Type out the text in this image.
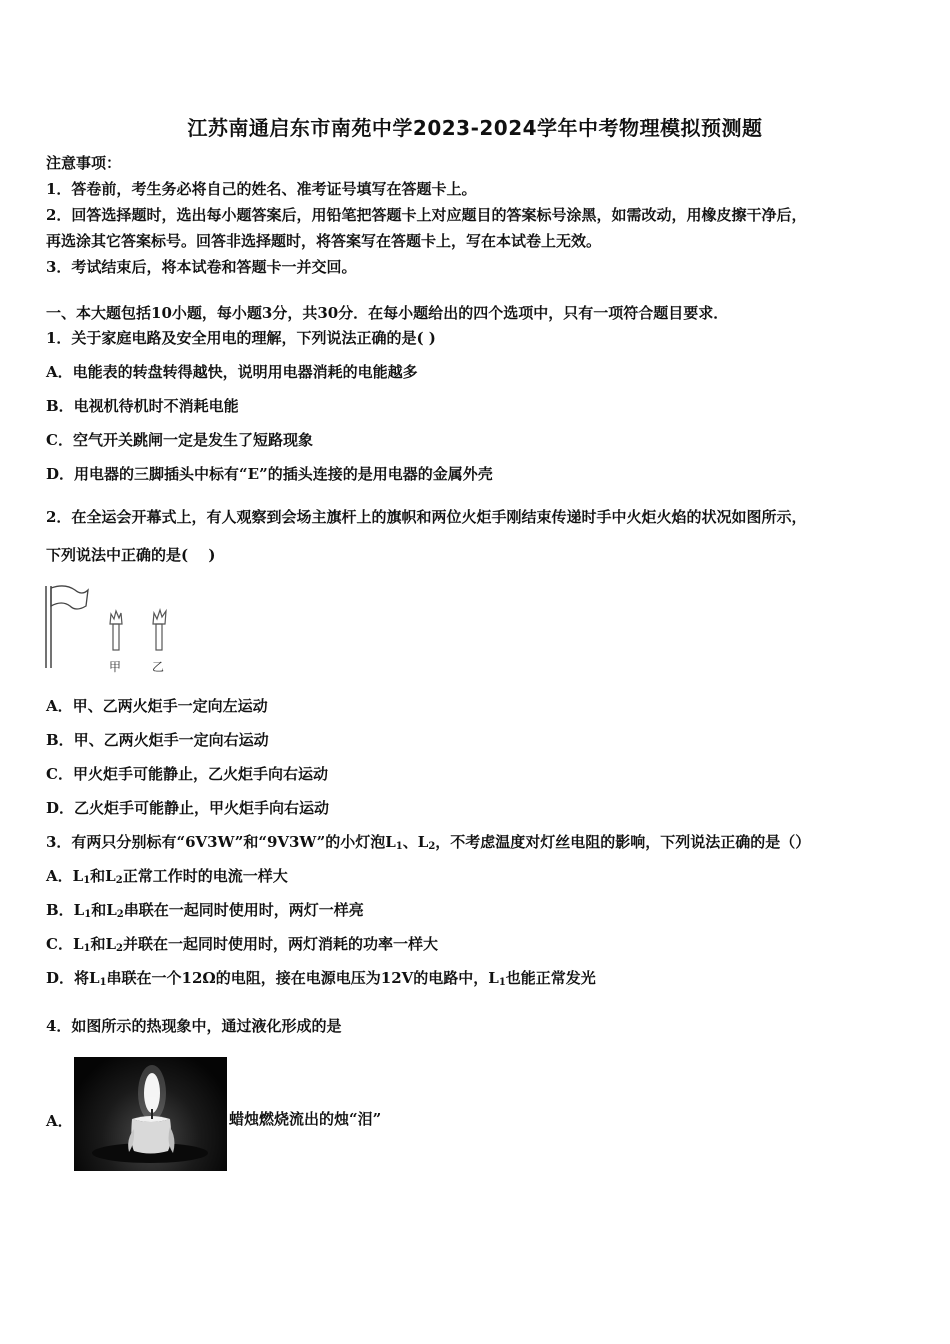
江苏南通启东市南苑中学2023-2024学年中考物理模拟预测题
注意事项：
1．答卷前，考生务必将自己的姓名、准考证号填写在答题卡上。
2．回答选择题时，选出每小题答案后，用铅笔把答题卡上对应题目的答案标号涂黑，如需改动，用橡皮擦干净后，
再选涂其它答案标号。回答非选择题时，将答案写在答题卡上，写在本试卷上无效。
3．考试结束后，将本试卷和答题卡一并交回。
一、本大题包括10小题，每小题3分，共30分．在每小题给出的四个选项中，只有一项符合题目要求．
1．关于家庭电路及安全用电的理解，下列说法正确的是( )
A．电能表的转盘转得越快，说明用电器消耗的电能越多
B．电视机待机时不消耗电能
C．空气开关跳闸一定是发生了短路现象
D．用电器的三脚插头中标有“E”的插头连接的是用电器的金属外壳
2．在全运会开幕式上，有人观察到会场主旗杆上的旗帜和两位火炬手刚结束传递时手中火炬火焰的状况如图所示，
下列说法中正确的是(　 )
甲	乙
A．甲、乙两火炬手一定向左运动
B．甲、乙两火炬手一定向右运动
C．甲火炬手可能静止，乙火炬手向右运动
D．乙火炬手可能静止，甲火炬手向右运动
3．有两只分别标有“6V3W”和“9V3W”的小灯泡$L_1$、$L_2$，不考虑温度对灯丝电阻的影响，下列说法正确的是（）
A．$L_1$和$L_2$正常工作时的电流一样大
B．$L_1$和$L_2$串联在一起同时使用时，两灯一样亮
C．$L_1$和$L_2$并联在一起同时使用时，两灯消耗的功率一样大
D．将$L_1$串联在一个12Ω的电阻，接在电源电压为12V的电路中，$L_1$也能正常发光
4．如图所示的热现象中，通过液化形成的是
A．	蜡烛燃烧流出的烛“泪”
